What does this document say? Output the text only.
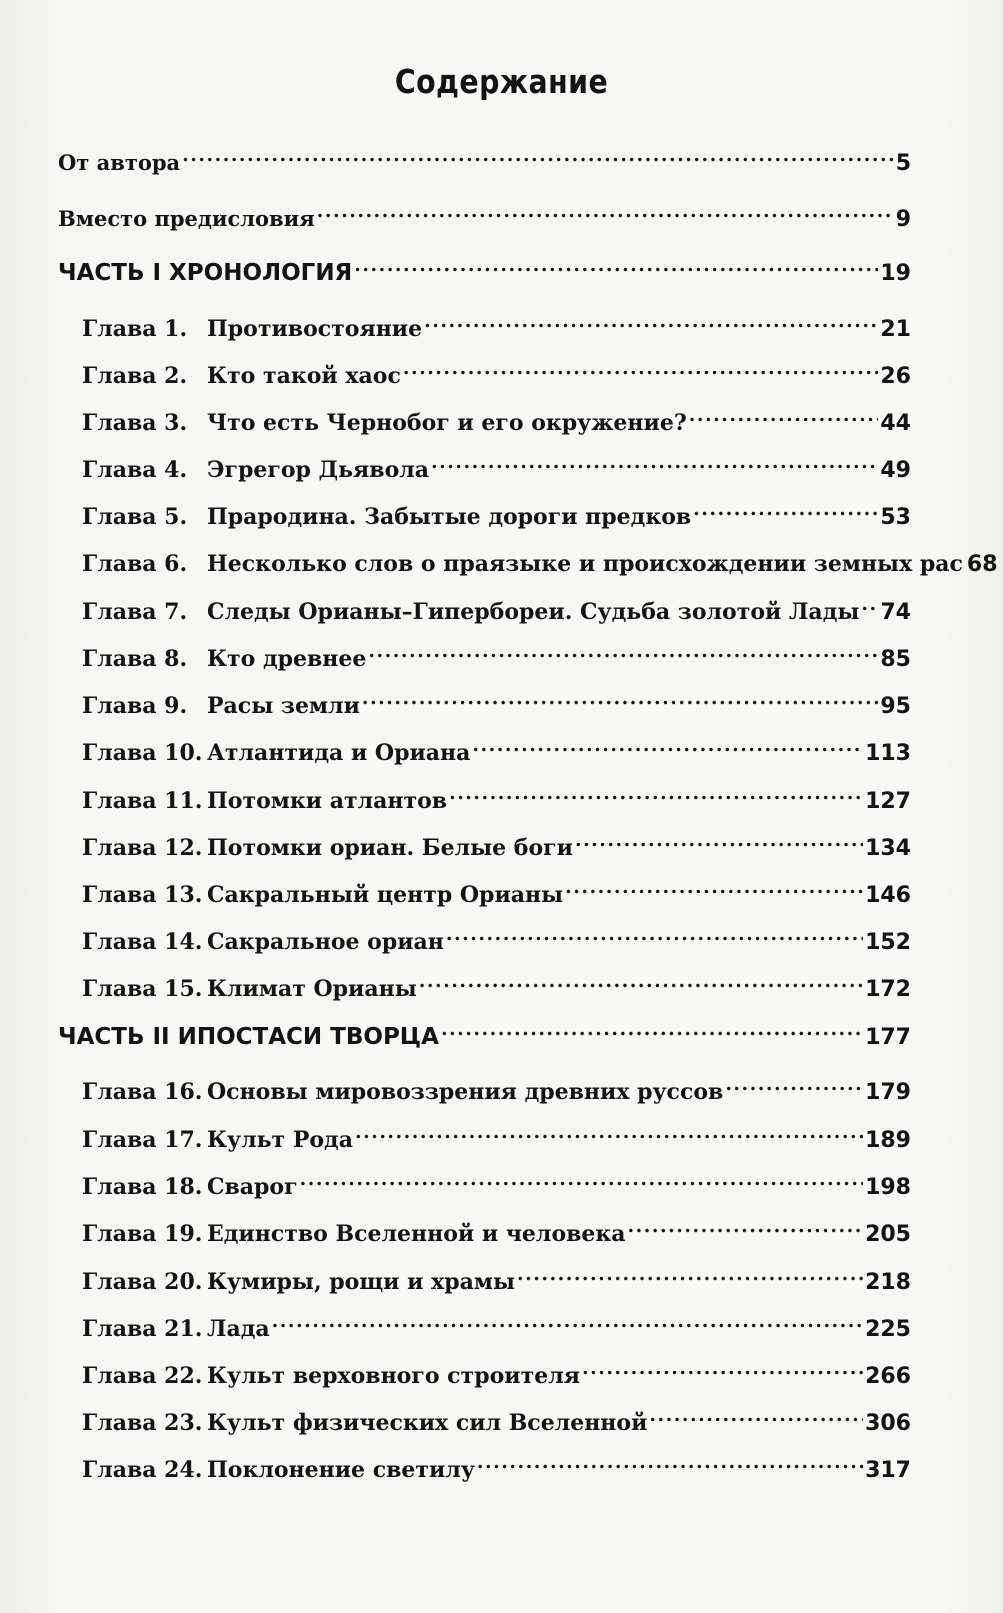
Содержание
От автора .....	5
Вместо предисловия .....	9
ЧАСТЬ I ХРОНОЛОГИЯ .....	19
Глава 1. Противостояние .....	21
Глава 2. Кто такой хаос .....	26
Глава 3. Что есть Чернобог и его окружение? .....	44
Глава 4. Эгрегор Дьявола .....	49
Глава 5. Прародина. Забытые дороги предков .....	53
Глава 6. Несколько слов о праязыке и происхождении земных рас 68
Глава 7. Следы Орианы–Гипербореи. Судьба золотой Лады ..... 74
Глава 8. Кто древнее .....	85
Глава 9. Расы земли .....	95
Глава 10. Атлантида и Ориана .....	113
Глава 11. Потомки атлантов .....	127
Глава 12. Потомки ориан. Белые боги .....	134
Глава 13. Сакральный центр Орианы .....	146
Глава 14. Сакральное ориан .....	152
Глава 15. Климат Орианы .....	172
ЧАСТЬ II ИПОСТАСИ ТВОРЦА .....	177
Глава 16. Основы мировоззрения древних руссов .....	179
Глава 17. Культ Рода .....	189
Глава 18. Сварог .....	198
Глава 19. Единство Вселенной и человека .....	205
Глава 20. Кумиры, рощи и храмы .....	218
Глава 21. Лада .....	225
Глава 22. Культ верховного строителя .....	266
Глава 23. Культ физических сил Вселенной .....	306
Глава 24. Поклонение светилу .....	317
